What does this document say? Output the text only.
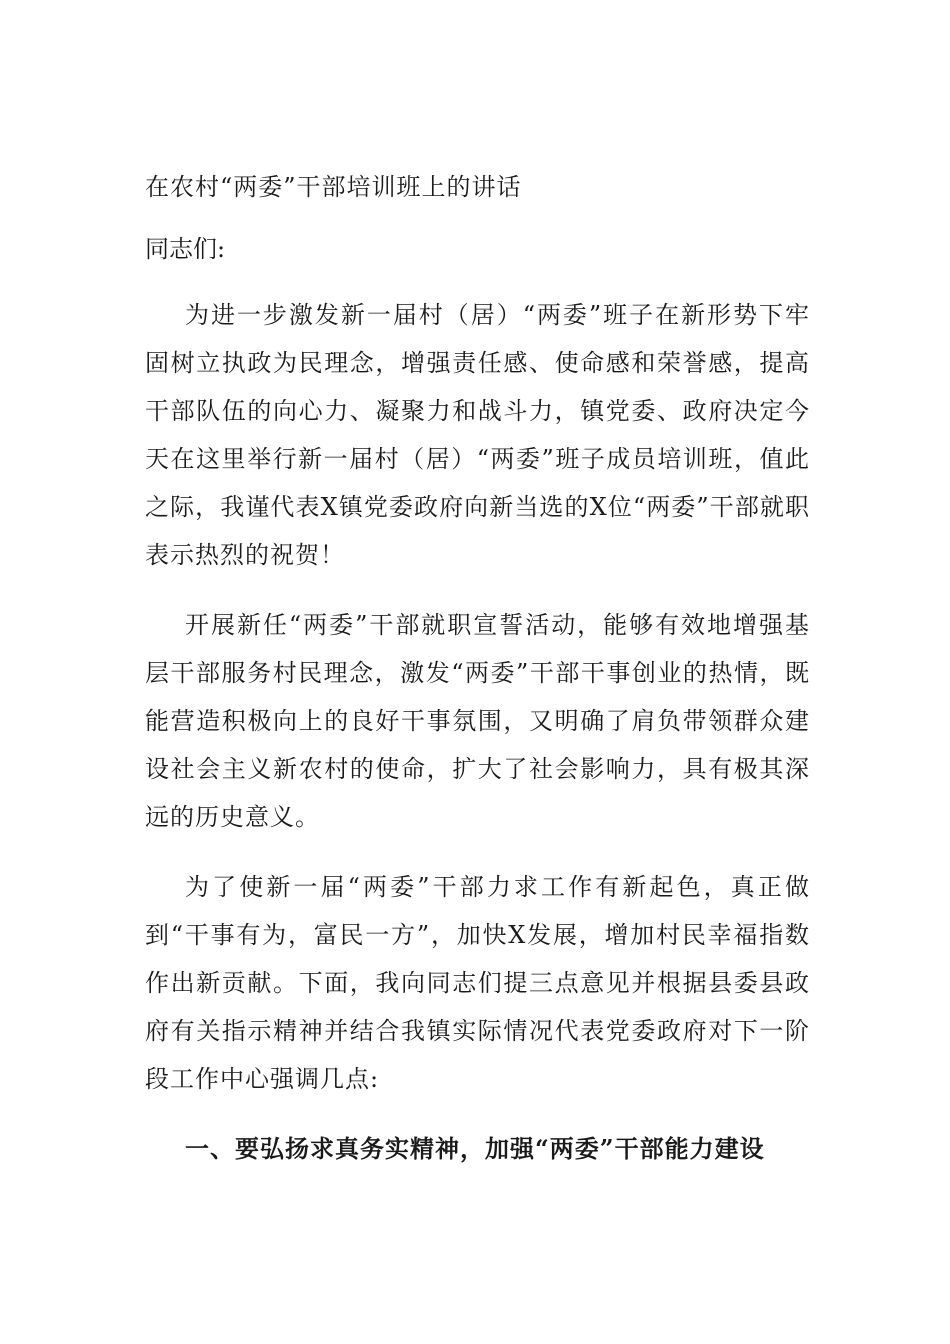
在农村“两委”干部培训班上的讲话

同志们:

为进一步激发新一届村（居）“两委”班子在新形势下牢固树立执政为民理念，增强责任感、使命感和荣誉感，提高干部队伍的向心力、凝聚力和战斗力，镇党委、政府决定今天在这里举行新一届村（居）“两委”班子成员培训班，值此之际，我谨代表X镇党委政府向新当选的X位“两委”干部就职表示热烈的祝贺！

开展新任“两委”干部就职宣誓活动，能够有效地增强基层干部服务村民理念，激发“两委”干部干事创业的热情，既能营造积极向上的良好干事氛围，又明确了肩负带领群众建设社会主义新农村的使命，扩大了社会影响力，具有极其深远的历史意义。

为了使新一届“两委”干部力求工作有新起色，真正做到“干事有为，富民一方”，加快X发展，增加村民幸福指数作出新贡献。下面，我向同志们提三点意见并根据县委县政府有关指示精神并结合我镇实际情况代表党委政府对下一阶段工作中心强调几点:

一、要弘扬求真务实精神，加强“两委”干部能力建设
